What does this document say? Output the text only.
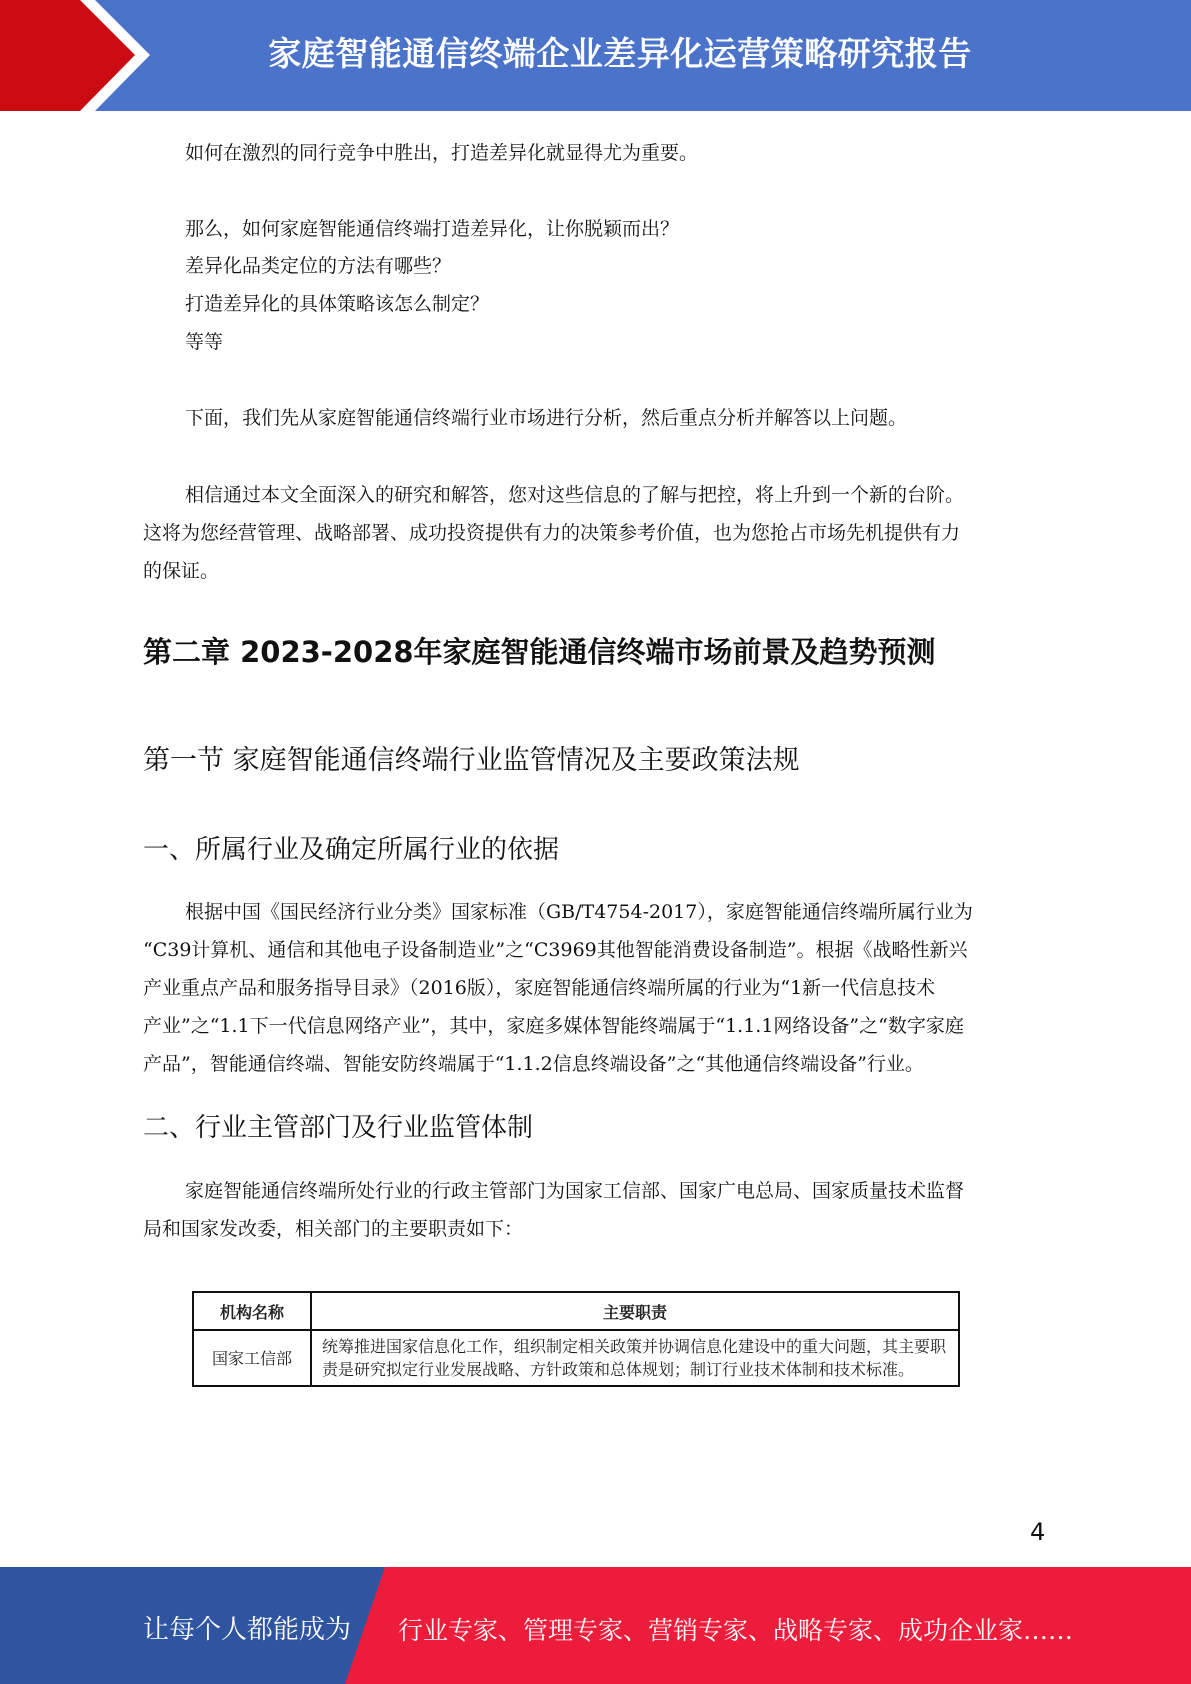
家庭智能通信终端企业差异化运营策略研究报告
如何在激烈的同行竞争中胜出，打造差异化就显得尤为重要。
那么，如何家庭智能通信终端打造差异化，让你脱颖而出？
差异化品类定位的方法有哪些？
打造差异化的具体策略该怎么制定？
等等
下面，我们先从家庭智能通信终端行业市场进行分析，然后重点分析并解答以上问题。
相信通过本文全面深入的研究和解答，您对这些信息的了解与把控，将上升到一个新的台阶。
这将为您经营管理、战略部署、成功投资提供有力的决策参考价值，也为您抢占市场先机提供有力
的保证。
第二章 2023-2028年家庭智能通信终端市场前景及趋势预测
第一节 家庭智能通信终端行业监管情况及主要政策法规
一、所属行业及确定所属行业的依据
根据中国《国民经济行业分类》国家标准（GB/T4754-2017），家庭智能通信终端所属行业为
“C39计算机、通信和其他电子设备制造业”之“C3969其他智能消费设备制造”。根据《战略性新兴
产业重点产品和服务指导目录》（2016版），家庭智能通信终端所属的行业为“1新一代信息技术
产业”之“1.1下一代信息网络产业”，其中，家庭多媒体智能终端属于“1.1.1网络设备”之“数字家庭
产品”，智能通信终端、智能安防终端属于“1.1.2信息终端设备”之“其他通信终端设备”行业。
二、行业主管部门及行业监管体制
家庭智能通信终端所处行业的行政主管部门为国家工信部、国家广电总局、国家质量技术监督
局和国家发改委，相关部门的主要职责如下：
机构名称	主要职责
国家工信部	统筹推进国家信息化工作，组织制定相关政策并协调信息化建设中的重大问题，其主要职责是研究拟定行业发展战略、方针政策和总体规划；制订行业技术体制和技术标准。
4
让每个人都能成为 行业专家、管理专家、营销专家、战略专家、成功企业家……
